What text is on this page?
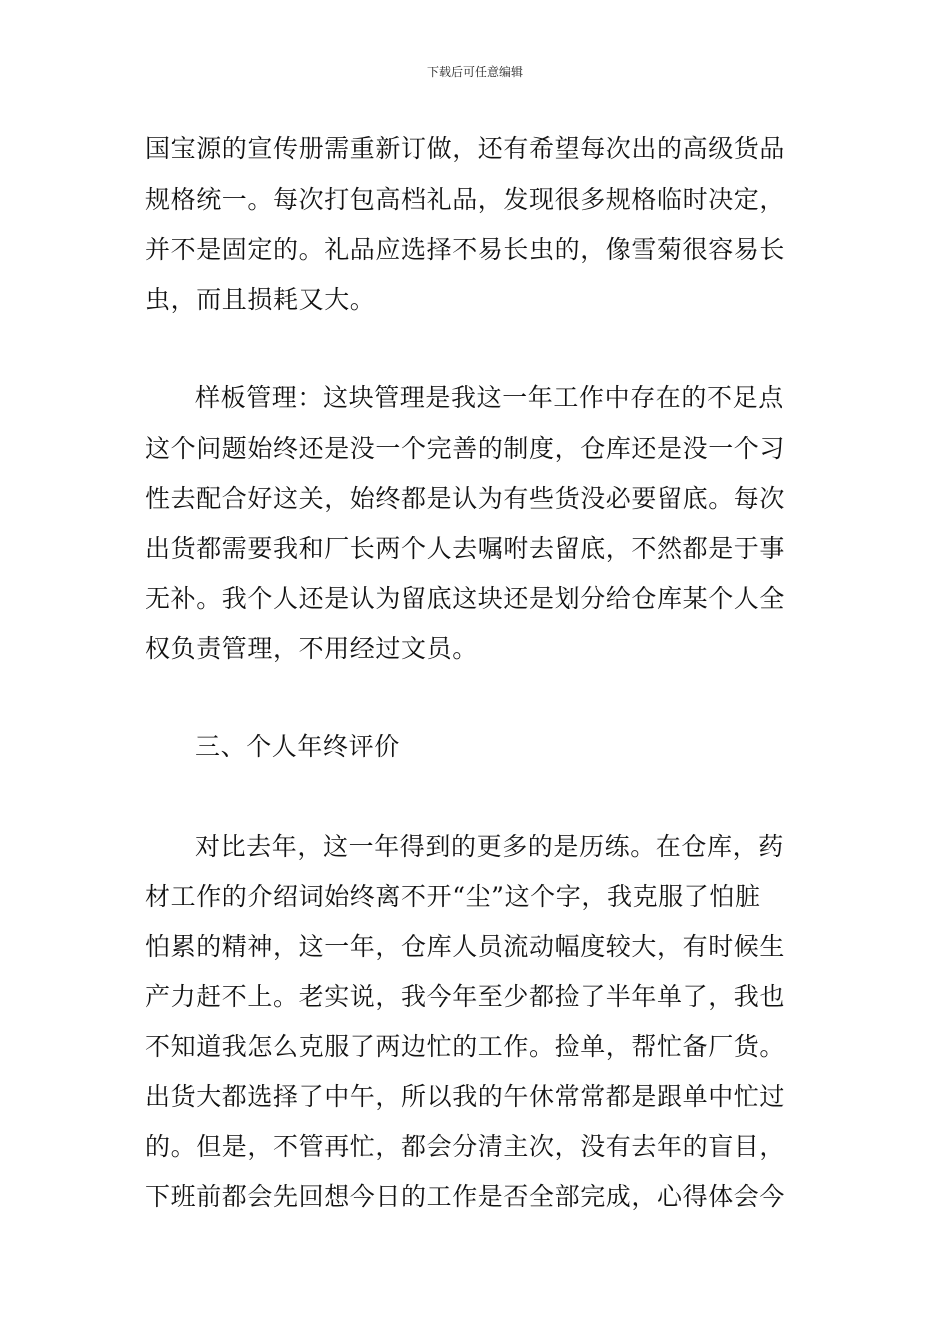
下载后可任意编辑
国宝源的宣传册需重新订做，还有希望每次出的高级货品
规格统一。每次打包高档礼品，发现很多规格临时决定，
并不是固定的。礼品应选择不易长虫的，像雪菊很容易长
虫，而且损耗又大。
样板管理：这块管理是我这一年工作中存在的不足点
这个问题始终还是没一个完善的制度，仓库还是没一个习
性去配合好这关，始终都是认为有些货没必要留底。每次
出货都需要我和厂长两个人去嘱咐去留底，不然都是于事
无补。我个人还是认为留底这块还是划分给仓库某个人全
权负责管理，不用经过文员。
三、个人年终评价
对比去年，这一年得到的更多的是历练。在仓库，药
材工作的介绍词始终离不开“尘”这个字，我克服了怕脏
怕累的精神，这一年，仓库人员流动幅度较大，有时候生
产力赶不上。老实说，我今年至少都捡了半年单了，我也
不知道我怎么克服了两边忙的工作。捡单，帮忙备厂货。
出货大都选择了中午，所以我的午休常常都是跟单中忙过
的。但是，不管再忙，都会分清主次，没有去年的盲目，
下班前都会先回想今日的工作是否全部完成，心得体会今
